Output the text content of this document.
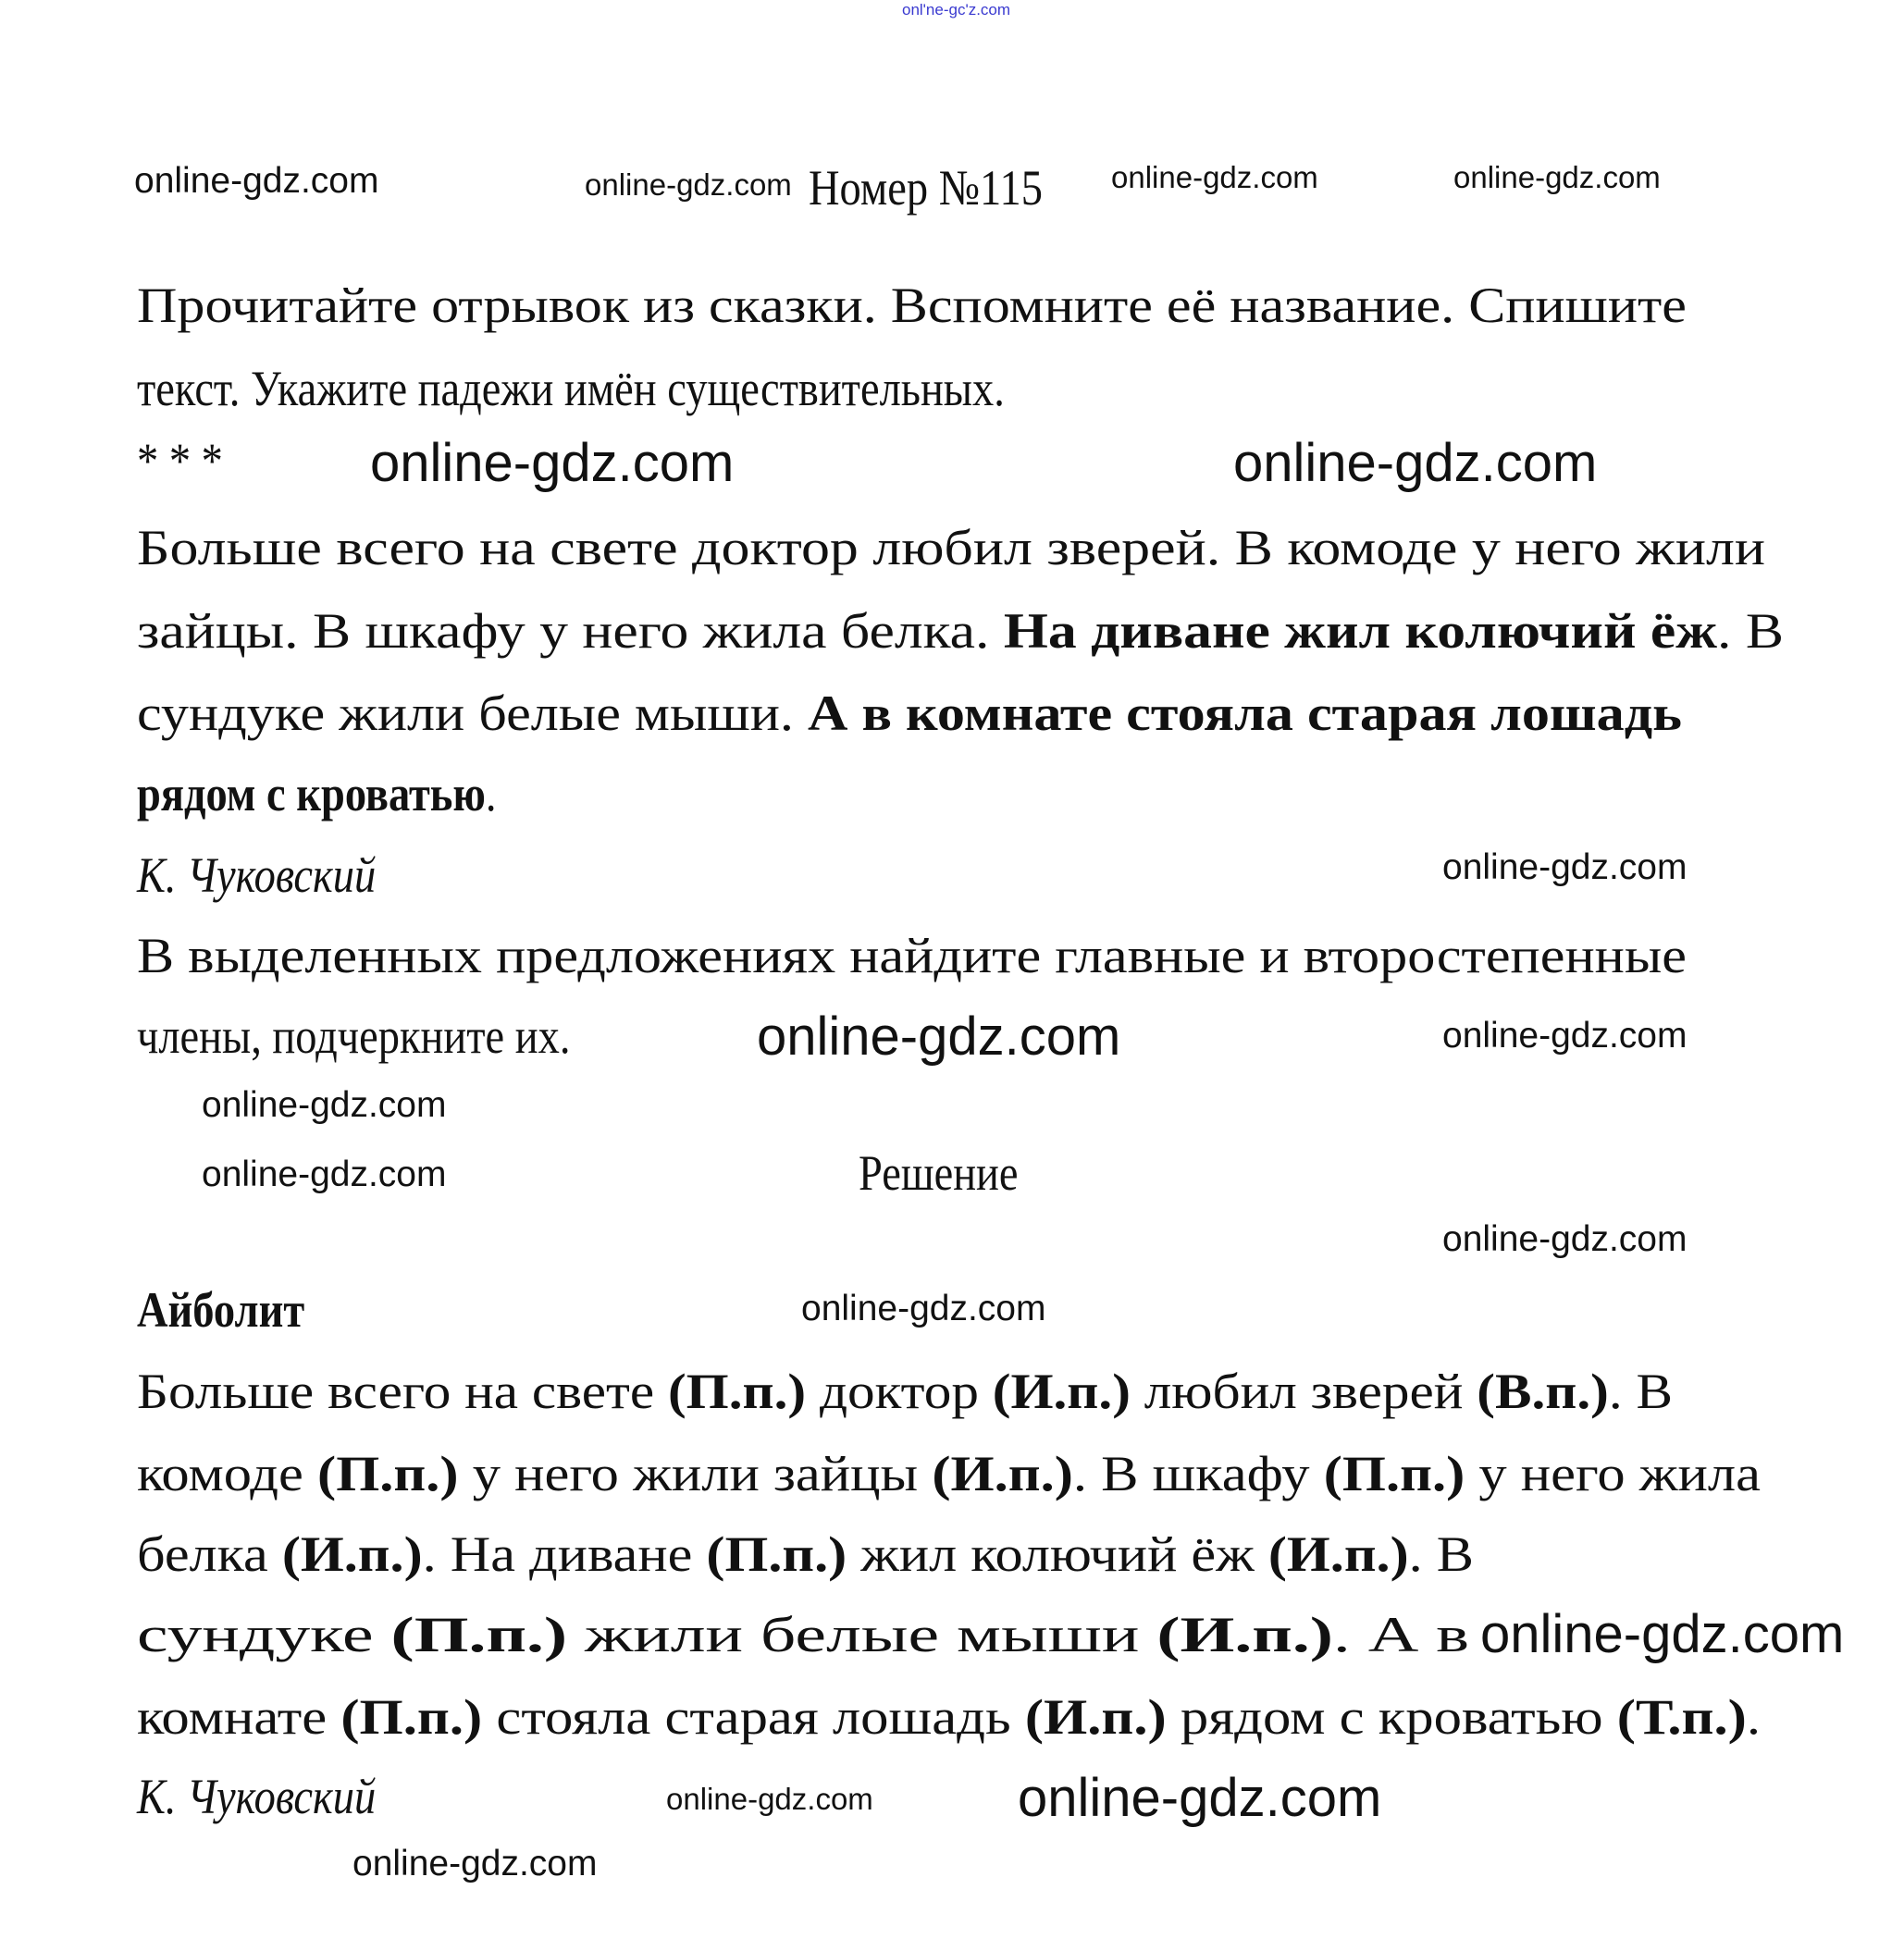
onl'ne-gc'z.com
Номер №115
Прочитайте отрывок из сказки. Вспомните её название. Спишите
текст. Укажите падежи имён существительных.
* * *
Больше всего на свете доктор любил зверей. В комоде у него жили
зайцы. В шкафу у него жила белка. На диване жил колючий ёж. В
сундуке жили белые мыши. А в комнате стояла старая лошадь
рядом с кроватью.
К. Чуковский
В выделенных предложениях найдите главные и второстепенные
члены, подчеркните их.
Решение
Айболит
Больше всего на свете (П.п.) доктор (И.п.) любил зверей (В.п.). В
комоде (П.п.) у него жили зайцы (И.п.). В шкафу (П.п.) у него жила
белка (И.п.). На диване (П.п.) жил колючий ёж (И.п.). В
сундуке (П.п.) жили белые мыши (И.п.). А в
комнате (П.п.) стояла старая лошадь (И.п.) рядом с кроватью (Т.п.).
К. Чуковский
online-gdz.com	online-gdz.com	online-gdz.com	online-gdz.com
online-gdz.com	online-gdz.com
online-gdz.com
online-gdz.com
online-gdz.com	online-gdz.com
online-gdz.com
online-gdz.com
online-gdz.com
online-gdz.com
online-gdz.com
online-gdz.com	online-gdz.com
